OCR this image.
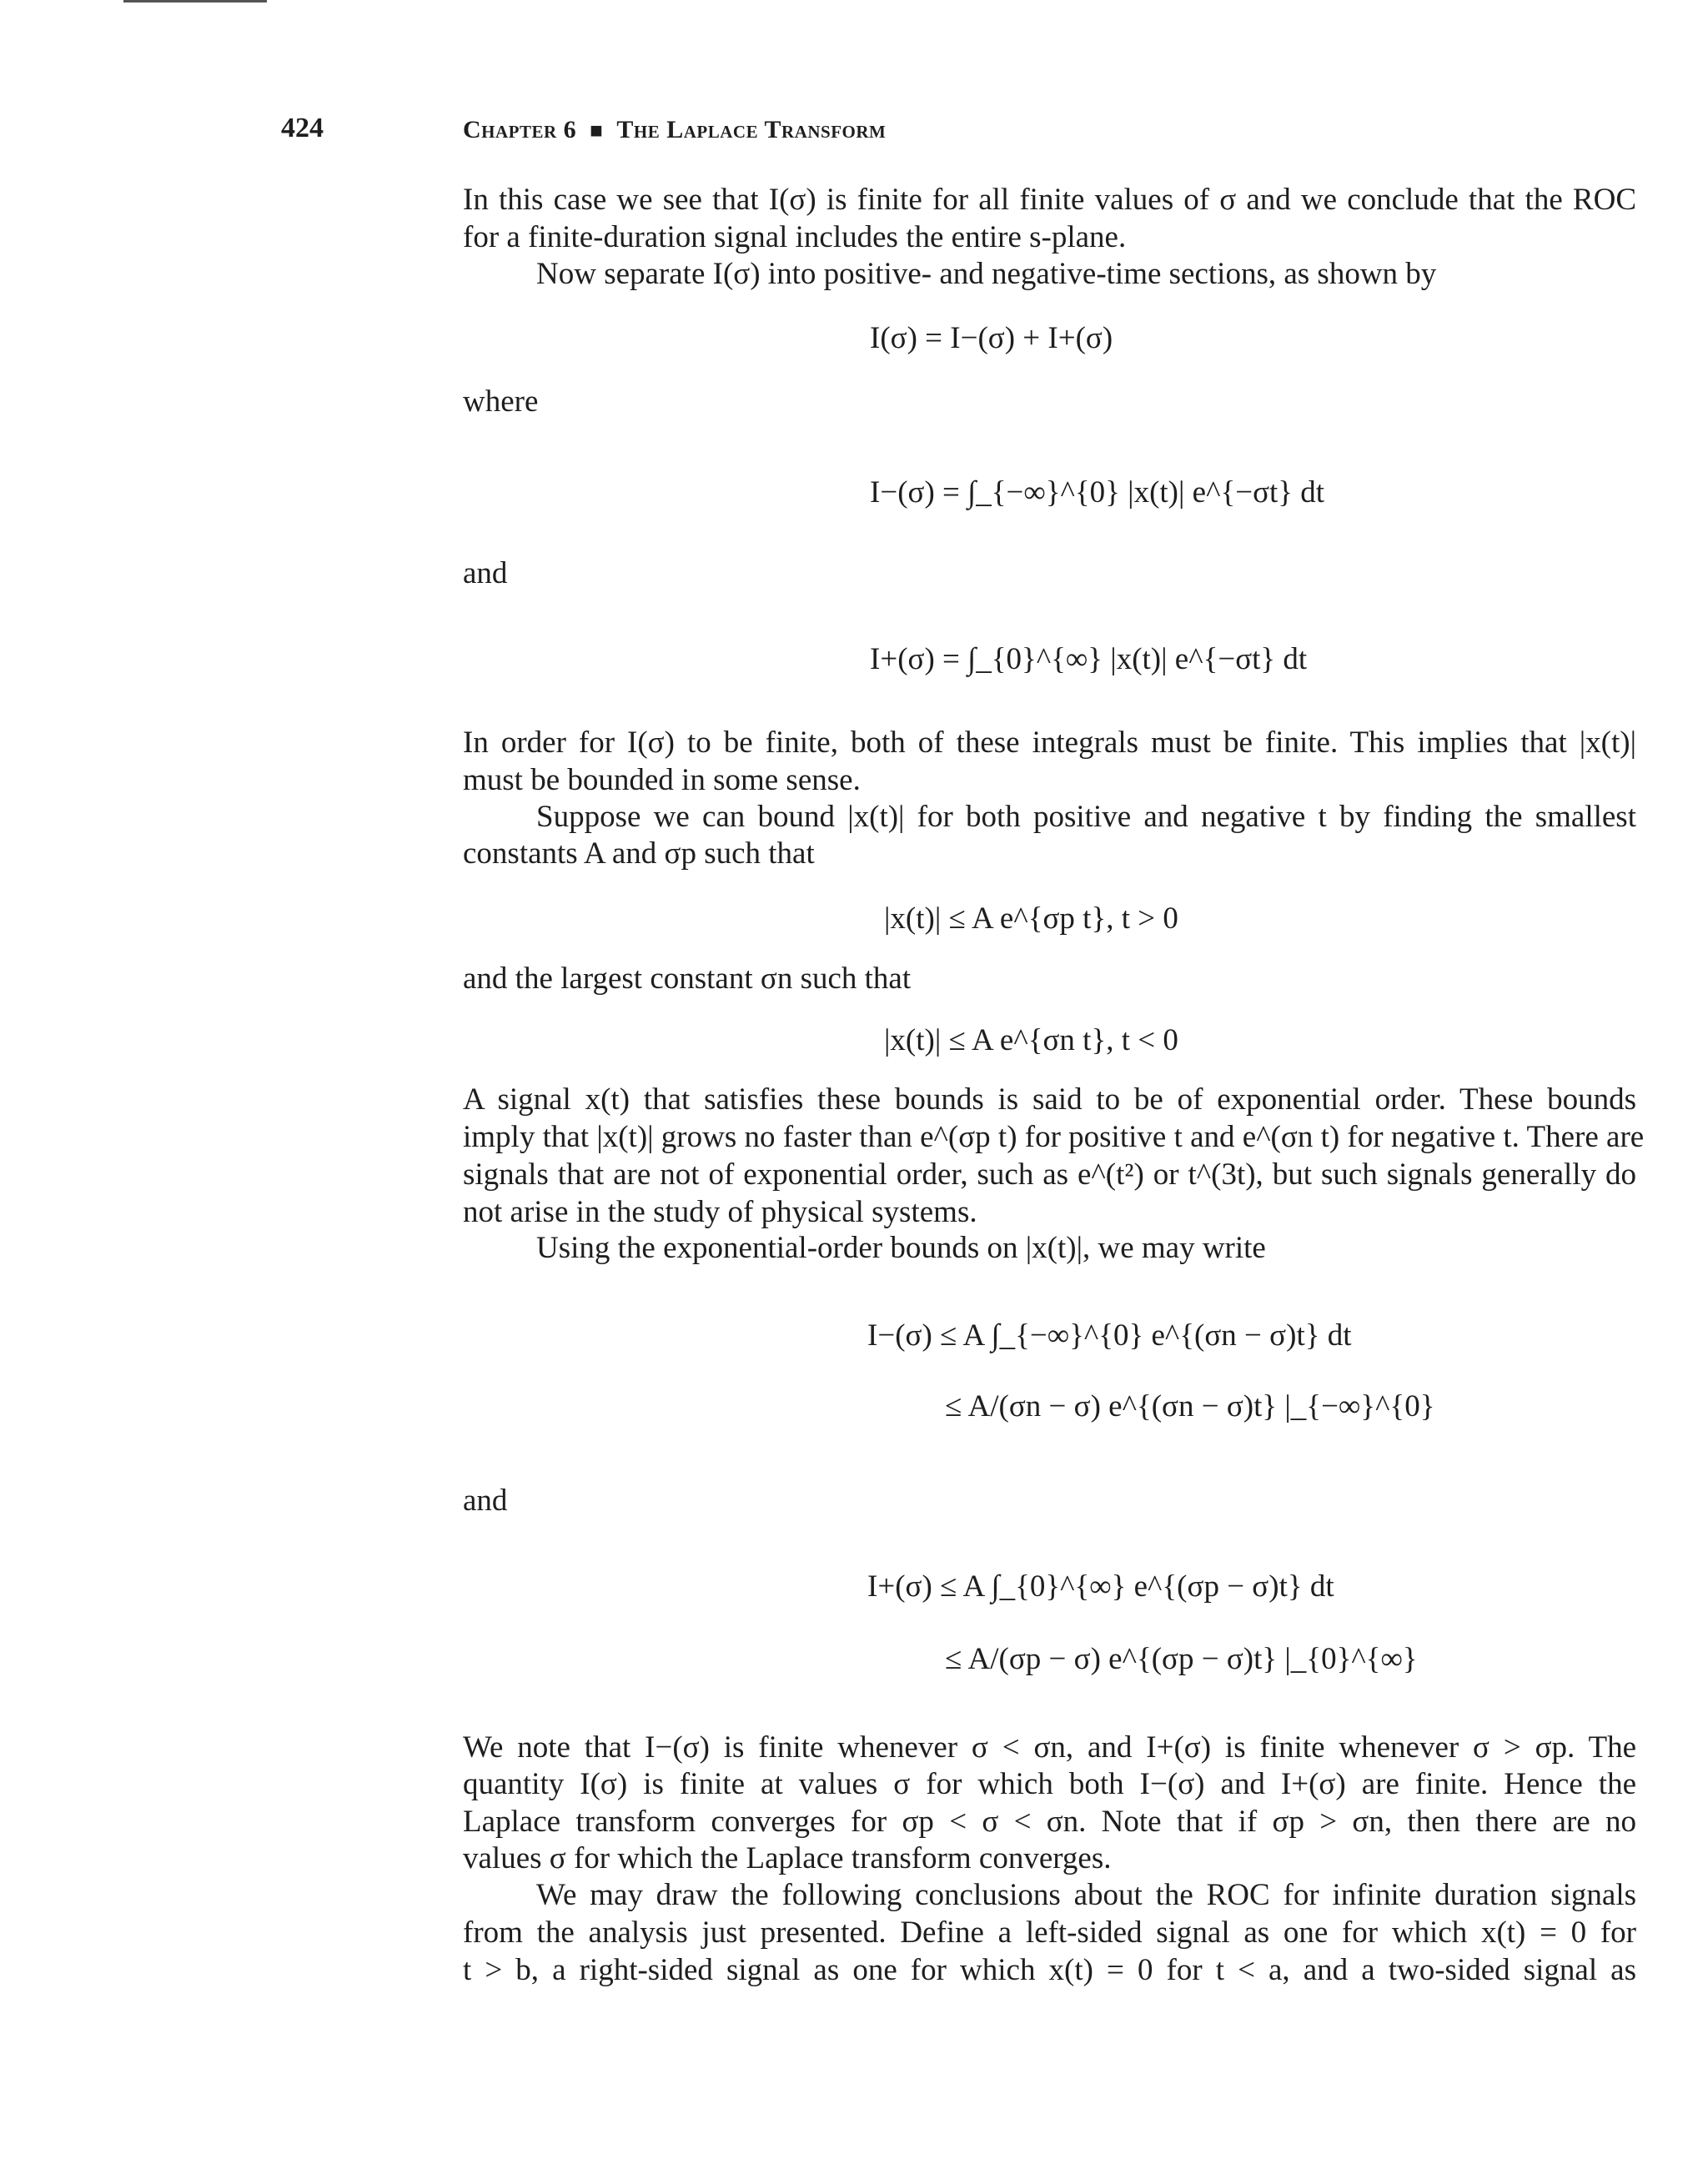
424	Chapter 6 ■ The Laplace Transform
In this case we see that I(σ) is finite for all finite values of σ and we conclude that the ROC
for a finite-duration signal includes the entire s-plane.
Now separate I(σ) into positive- and negative-time sections, as shown by
I(σ) = I−(σ) + I+(σ)
where
I−(σ) = ∫_{−∞}^{0} |x(t)| e^{−σt} dt
and
I+(σ) = ∫_{0}^{∞} |x(t)| e^{−σt} dt
In order for I(σ) to be finite, both of these integrals must be finite. This implies that |x(t)|
must be bounded in some sense.
Suppose we can bound |x(t)| for both positive and negative t by finding the smallest
constants A and σp such that
|x(t)| ≤ A e^{σp t}, t > 0
and the largest constant σn such that
|x(t)| ≤ A e^{σn t}, t < 0
A signal x(t) that satisfies these bounds is said to be of exponential order. These bounds
imply that |x(t)| grows no faster than e^(σp t) for positive t and e^(σn t) for negative t. There are
signals that are not of exponential order, such as e^(t²) or t^(3t), but such signals generally do
not arise in the study of physical systems.
Using the exponential-order bounds on |x(t)|, we may write
I−(σ) ≤ A ∫_{−∞}^{0} e^{(σn − σ)t} dt
≤ A/(σn − σ) e^{(σn − σ)t} |_{−∞}^{0}
and
I+(σ) ≤ A ∫_{0}^{∞} e^{(σp − σ)t} dt
≤ A/(σp − σ) e^{(σp − σ)t} |_{0}^{∞}
We note that I−(σ) is finite whenever σ < σn, and I+(σ) is finite whenever σ > σp. The
quantity I(σ) is finite at values σ for which both I−(σ) and I+(σ) are finite. Hence the
Laplace transform converges for σp < σ < σn. Note that if σp > σn, then there are no
values σ for which the Laplace transform converges.
We may draw the following conclusions about the ROC for infinite duration signals
from the analysis just presented. Define a left-sided signal as one for which x(t) = 0 for
t > b, a right-sided signal as one for which x(t) = 0 for t < a, and a two-sided signal as
